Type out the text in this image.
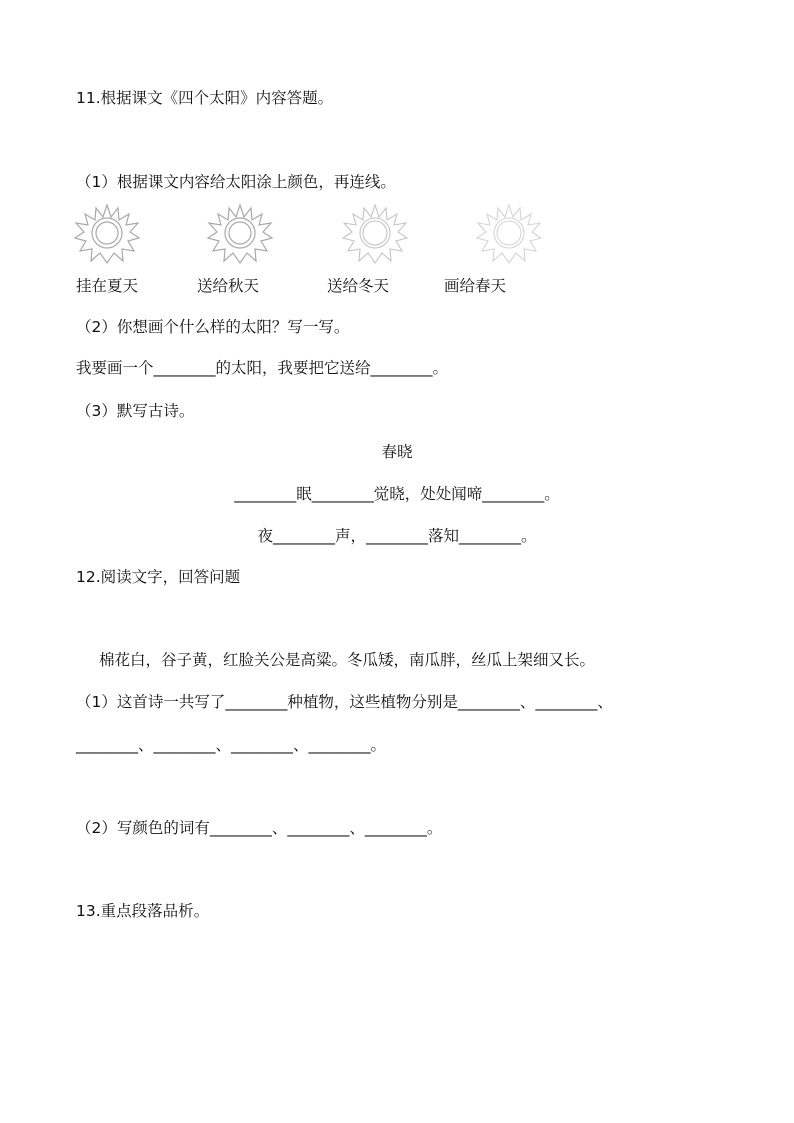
11.根据课文《四个太阳》内容答题。
（1）根据课文内容给太阳涂上颜色，再连线。
挂在夏天	送给秋天	送给冬天	画给春天
（2）你想画个什么样的太阳？写一写。
我要画一个________的太阳，我要把它送给________。
（3）默写古诗。
春晓
________眠________觉晓，处处闻啼________。
夜________声，________落知________。
12.阅读文字，回答问题
棉花白，谷子黄，红脸关公是高粱。冬瓜矮，南瓜胖，丝瓜上架细又长。
（1）这首诗一共写了________种植物，这些植物分别是________、________、
________、________、________、________。
（2）写颜色的词有________、________、________。
13.重点段落品析。
